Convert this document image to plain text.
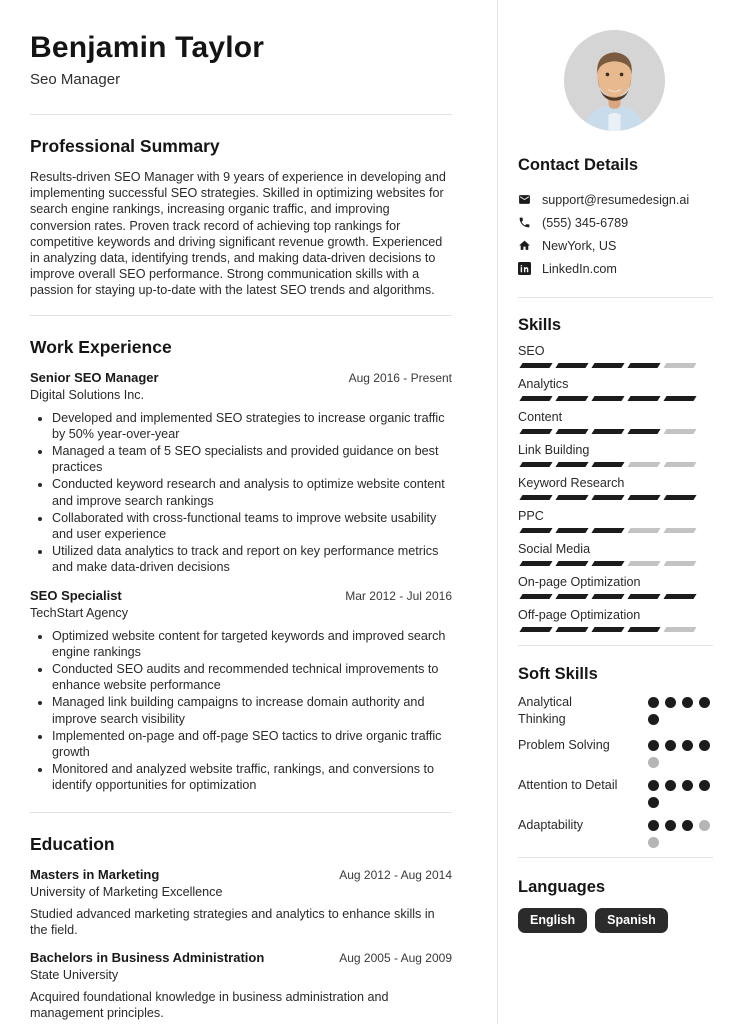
Benjamin Taylor
Seo Manager
Professional Summary
Results-driven SEO Manager with 9 years of experience in developing and implementing successful SEO strategies. Skilled in optimizing websites for search engine rankings, increasing organic traffic, and improving conversion rates. Proven track record of achieving top rankings for competitive keywords and driving significant revenue growth. Experienced in analyzing data, identifying trends, and making data-driven decisions to improve overall SEO performance. Strong communication skills with a passion for staying up-to-date with the latest SEO trends and algorithms.
Work Experience
Senior SEO Manager	Aug 2016 - Present
Digital Solutions Inc.
• Developed and implemented SEO strategies to increase organic traffic by 50% year-over-year
• Managed a team of 5 SEO specialists and provided guidance on best practices
• Conducted keyword research and analysis to optimize website content and improve search rankings
• Collaborated with cross-functional teams to improve website usability and user experience
• Utilized data analytics to track and report on key performance metrics and make data-driven decisions
SEO Specialist	Mar 2012 - Jul 2016
TechStart Agency
• Optimized website content for targeted keywords and improved search engine rankings
• Conducted SEO audits and recommended technical improvements to enhance website performance
• Managed link building campaigns to increase domain authority and improve search visibility
• Implemented on-page and off-page SEO tactics to drive organic traffic growth
• Monitored and analyzed website traffic, rankings, and conversions to identify opportunities for optimization
Education
Masters in Marketing	Aug 2012 - Aug 2014
University of Marketing Excellence
Studied advanced marketing strategies and analytics to enhance skills in the field.
Bachelors in Business Administration	Aug 2005 - Aug 2009
State University
Acquired foundational knowledge in business administration and management principles.
Contact Details
support@resumedesign.ai
(555) 345-6789
NewYork, US
LinkedIn.com
Skills
SEO
Analytics
Content
Link Building
Keyword Research
PPC
Social Media
On-page Optimization
Off-page Optimization
Soft Skills
Analytical Thinking
Problem Solving
Attention to Detail
Adaptability
Languages
English	Spanish
